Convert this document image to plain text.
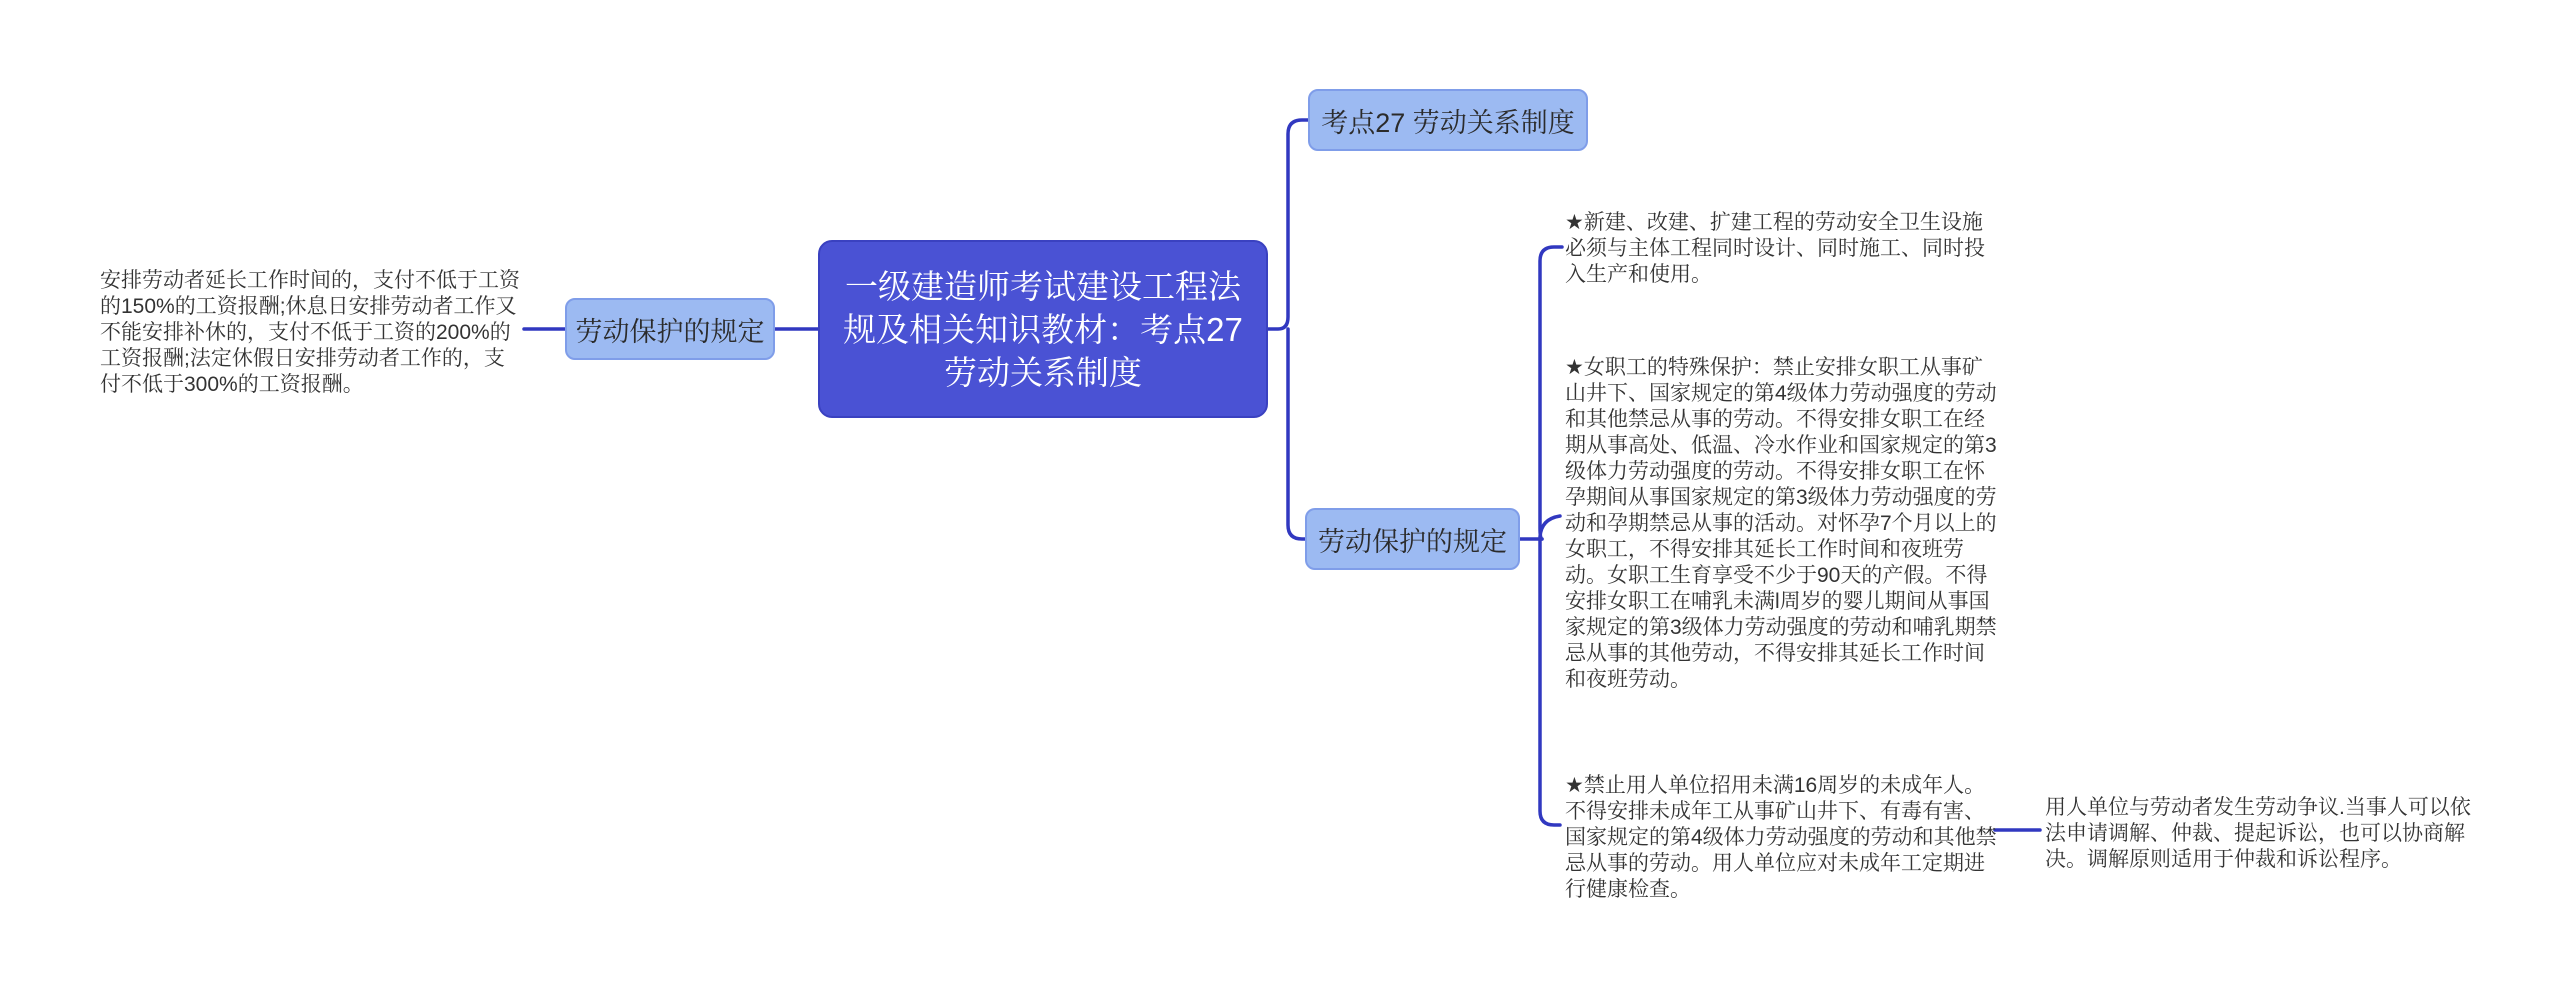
安排劳动者延长工作时间的，支付不低于工资的150%的工资报酬;休息日安排劳动者工作又不能安排补休的，支付不低于工资的200%的工资报酬;法定休假日安排劳动者工作的，支付不低于300%的工资报酬。
劳动保护的规定
一级建造师考试建设工程法规及相关知识教材：考点27 劳动关系制度
考点27 劳动关系制度
劳动保护的规定
★新建、改建、扩建工程的劳动安全卫生设施必须与主体工程同时设计、同时施工、同时投入生产和使用。
★女职工的特殊保护：禁止安排女职工从事矿山井下、国家规定的第4级体力劳动强度的劳动和其他禁忌从事的劳动。不得安排女职工在经期从事高处、低温、冷水作业和国家规定的第3级体力劳动强度的劳动。不得安排女职工在怀孕期间从事国家规定的第3级体力劳动强度的劳动和孕期禁忌从事的活动。对怀孕7个月以上的女职工，不得安排其延长工作时间和夜班劳动。女职工生育享受不少于90天的产假。不得安排女职工在哺乳未满l周岁的婴儿期间从事国家规定的第3级体力劳动强度的劳动和哺乳期禁忌从事的其他劳动，不得安排其延长工作时间和夜班劳动。
★禁止用人单位招用未满16周岁的未成年人。不得安排未成年工从事矿山井下、有毒有害、国家规定的第4级体力劳动强度的劳动和其他禁忌从事的劳动。用人单位应对未成年工定期进行健康检查。
用人单位与劳动者发生劳动争议.当事人可以依法申请调解、仲裁、提起诉讼，也可以协商解决。调解原则适用于仲裁和诉讼程序。
